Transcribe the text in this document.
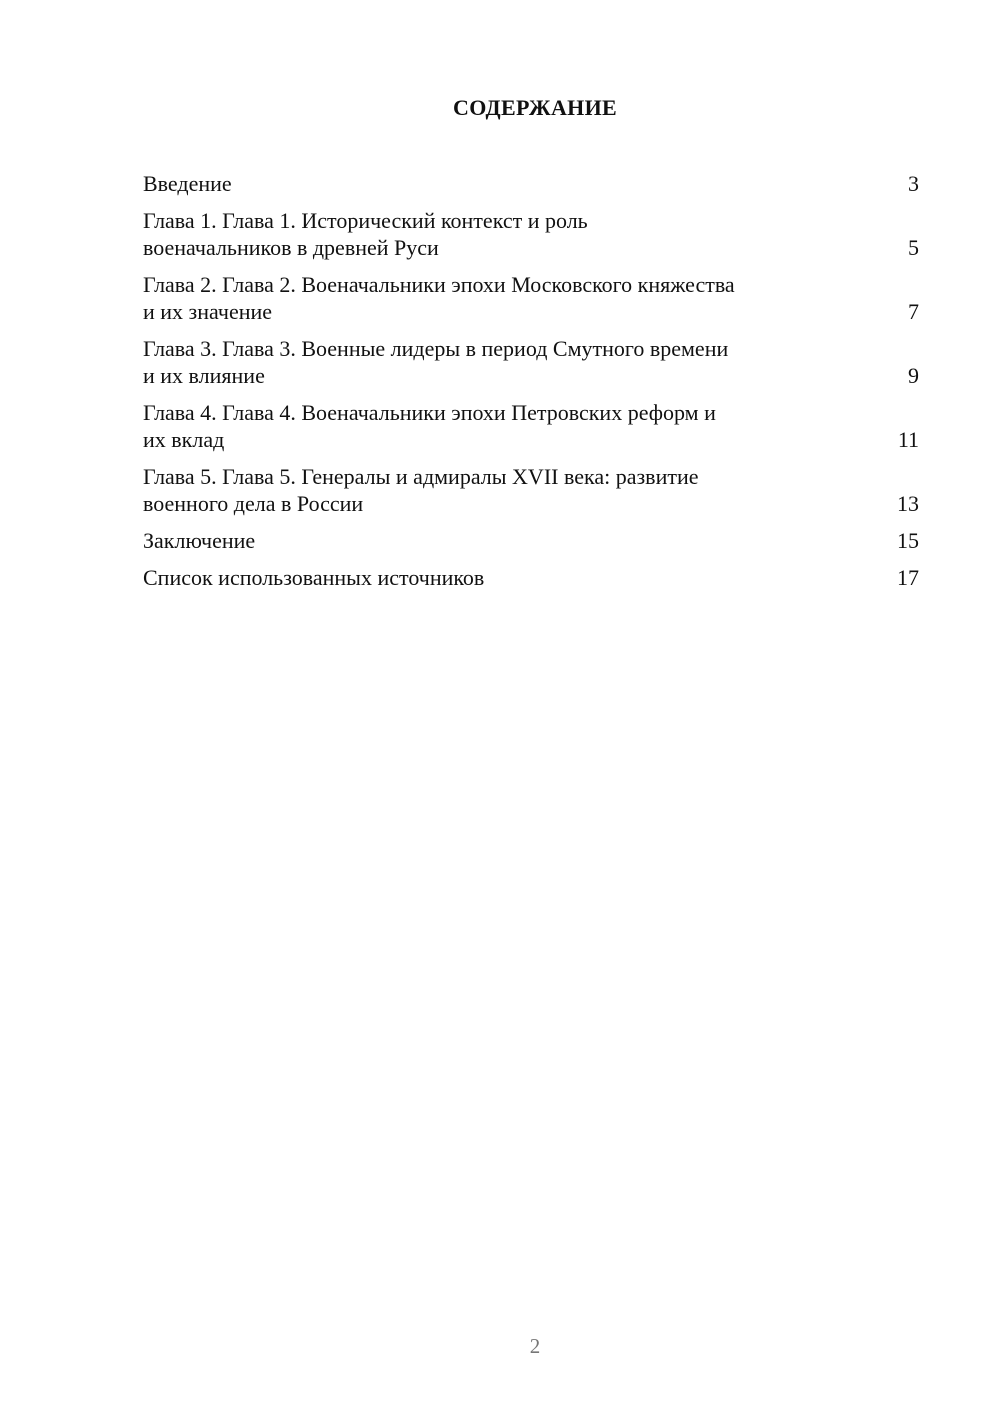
СОДЕРЖАНИЕ
Введение	3
Глава 1. Глава 1. Исторический контекст и роль
военачальников в древней Руси	5
Глава 2. Глава 2. Военачальники эпохи Московского княжества
и их значение	7
Глава 3. Глава 3. Военные лидеры в период Смутного времени
и их влияние	9
Глава 4. Глава 4. Военачальники эпохи Петровских реформ и
их вклад	11
Глава 5. Глава 5. Генералы и адмиралы XVII века: развитие
военного дела в России	13
Заключение	15
Список использованных источников	17
2
